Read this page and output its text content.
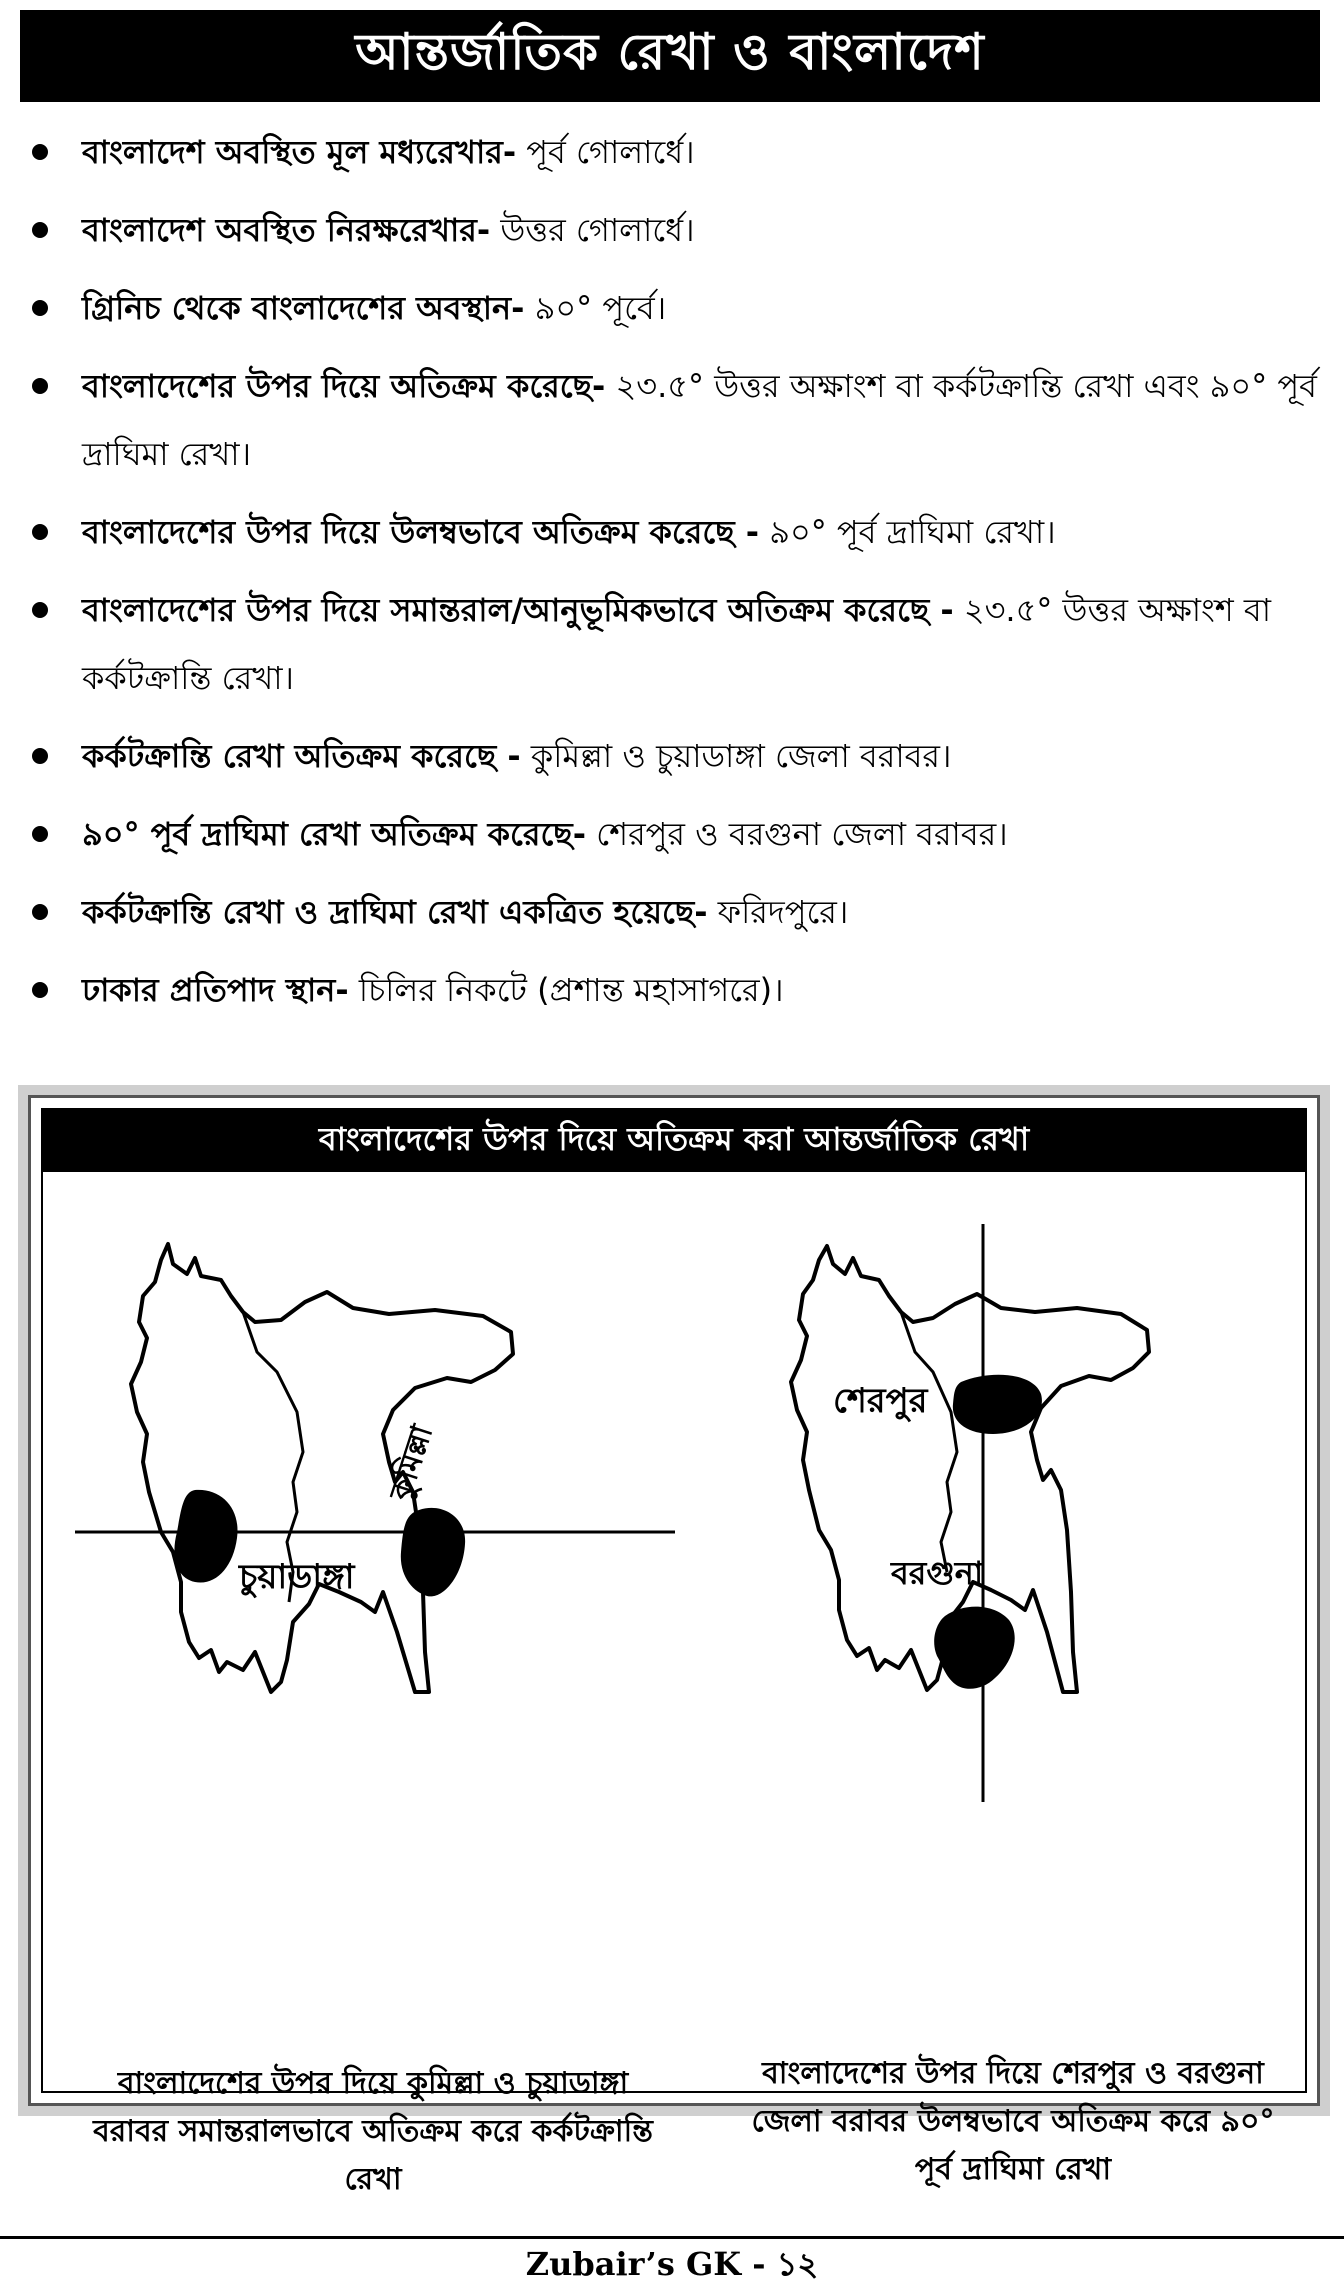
আন্তর্জাতিক রেখা ও বাংলাদেশ
বাংলাদেশ অবস্থিত মূল মধ্যরেখার- পূর্ব গোলার্ধে।
বাংলাদেশ অবস্থিত নিরক্ষরেখার- উত্তর গোলার্ধে।
গ্রিনিচ থেকে বাংলাদেশের অবস্থান- ৯০° পূর্বে।
বাংলাদেশের উপর দিয়ে অতিক্রম করেছে- ২৩.৫° উত্তর অক্ষাংশ বা কর্কটক্রান্তি রেখা এবং ৯০° পূর্ব দ্রাঘিমা রেখা।
বাংলাদেশের উপর দিয়ে উলম্বভাবে অতিক্রম করেছে - ৯০° পূর্ব দ্রাঘিমা রেখা।
বাংলাদেশের উপর দিয়ে সমান্তরাল/আনুভূমিকভাবে অতিক্রম করেছে - ২৩.৫° উত্তর অক্ষাংশ বা কর্কটক্রান্তি রেখা।
কর্কটক্রান্তি রেখা অতিক্রম করেছে - কুমিল্লা ও চুয়াডাঙ্গা জেলা বরাবর।
৯০° পূর্ব দ্রাঘিমা রেখা অতিক্রম করেছে- শেরপুর ও বরগুনা জেলা বরাবর।
কর্কটক্রান্তি রেখা ও দ্রাঘিমা রেখা একত্রিত হয়েছে- ফরিদপুরে।
ঢাকার প্রতিপাদ স্থান- চিলির নিকটে (প্রশান্ত মহাসাগরে)।
বাংলাদেশের উপর দিয়ে অতিক্রম করা আন্তর্জাতিক রেখা
চুয়াডাঙ্গা
কুমিল্লা
শেরপুর
বরগুনা
বাংলাদেশের উপর দিয়ে কুমিল্লা ও চুয়াডাঙ্গা বরাবর সমান্তরালভাবে অতিক্রম করে কর্কটক্রান্তি রেখা
বাংলাদেশের উপর দিয়ে শেরপুর ও বরগুনা জেলা বরাবর উলম্বভাবে অতিক্রম করে ৯০° পূর্ব দ্রাঘিমা রেখা
Zubair’s GK - ১২
